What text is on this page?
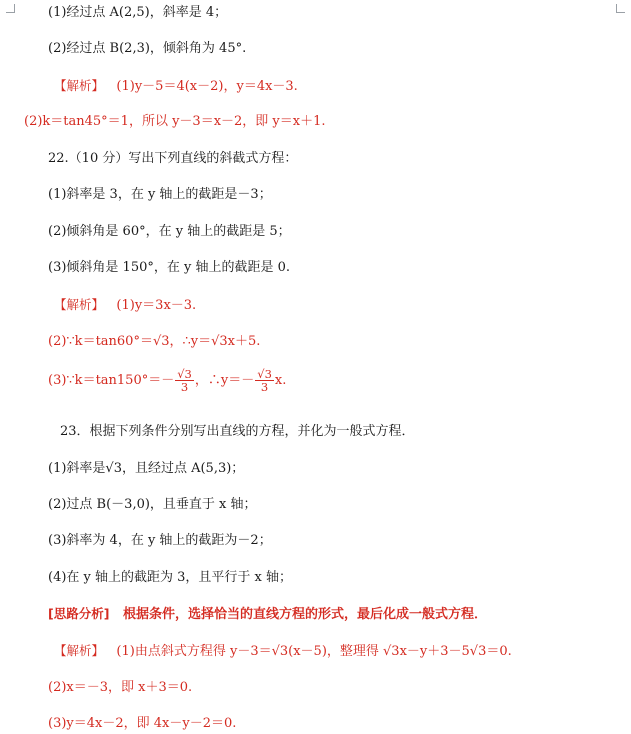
(1)经过点 A(2,5)，斜率是 4；
(2)经过点 B(2,3)，倾斜角为 45°.
【解析】 (1)y－5＝4(x－2)，y＝4x－3.
(2)k＝tan45°＝1，所以 y－3＝x－2，即 y＝x＋1.
22.（10 分）写出下列直线的斜截式方程：
(1)斜率是 3，在 y 轴上的截距是－3；
(2)倾斜角是 60°，在 y 轴上的截距是 5；
(3)倾斜角是 150°，在 y 轴上的截距是 0.
【解析】 (1)y＝3x－3.
(2)∵k＝tan60°＝√3，∴y＝√3x＋5.
(3)∵k＝tan150°＝－ $\frac{√3}{3}$ ，∴y＝－ $\frac{√3}{3} x$.
23．根据下列条件分别写出直线的方程，并化为一般式方程．
(1)斜率是√3，且经过点 A(5,3)；
(2)过点 B(－3,0)，且垂直于 x 轴；
(3)斜率为 4，在 y 轴上的截距为－2；
(4)在 y 轴上的截距为 3，且平行于 x 轴；
[思路分析] 根据条件，选择恰当的直线方程的形式，最后化成一般式方程．
【解析】 (1)由点斜式方程得 y－3＝√3(x－5)，整理得 √3x－y＋3－5√3＝0.
(2)x＝－3，即 x＋3＝0.
(3)y＝4x－2，即 4x－y－2＝0.
